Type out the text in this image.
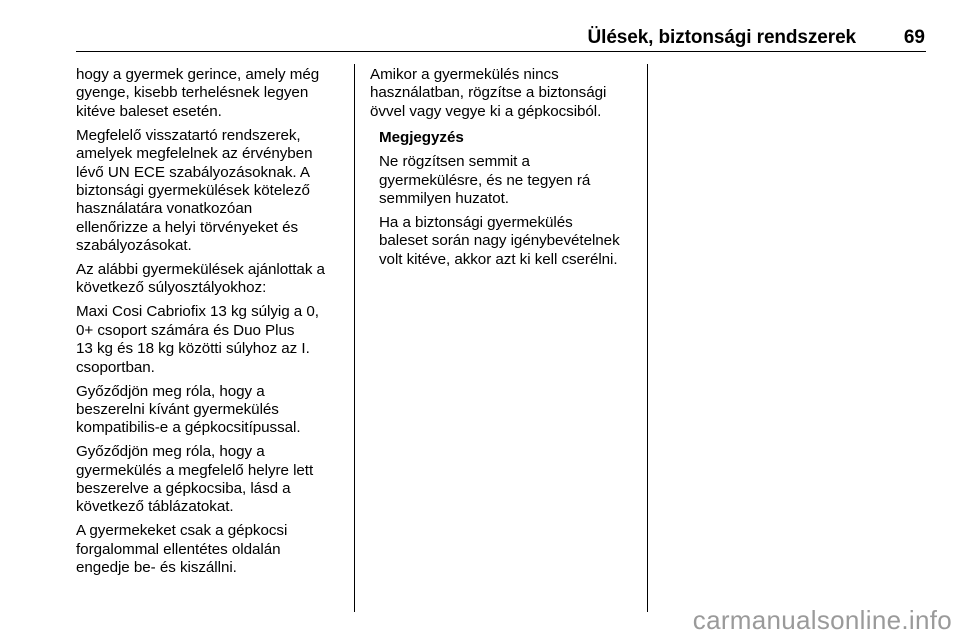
Ülések, biztonsági rendszerek	69

hogy a gyermek gerince, amely még
gyenge, kisebb terhelésnek legyen
kitéve baleset esetén.

Megfelelő visszatartó rendszerek,
amelyek megfelelnek az érvényben
lévő UN ECE szabályozásoknak. A
biztonsági gyermekülések kötelező
használatára vonatkozóan
ellenőrizze a helyi törvényeket és
szabályozásokat.

Az alábbi gyermekülések ajánlottak a
következő súlyosztályokhoz:

Maxi Cosi Cabriofix 13 kg súlyig a 0,
0+ csoport számára és Duo Plus
13 kg és 18 kg közötti súlyhoz az I.
csoportban.

Győződjön meg róla, hogy a
beszerelni kívánt gyermekülés
kompatibilis-e a gépkocsitípussal.

Győződjön meg róla, hogy a
gyermekülés a megfelelő helyre lett
beszerelve a gépkocsiba, lásd a
következő táblázatokat.

A gyermekeket csak a gépkocsi
forgalommal ellentétes oldalán
engedje be- és kiszállni.

Amikor a gyermekülés nincs
használatban, rögzítse a biztonsági
övvel vagy vegye ki a gépkocsiból.

Megjegyzés

Ne rögzítsen semmit a
gyermekülésre, és ne tegyen rá
semmilyen huzatot.

Ha a biztonsági gyermekülés
baleset során nagy igénybevételnek
volt kitéve, akkor azt ki kell cserélni.

carmanualsonline.info
